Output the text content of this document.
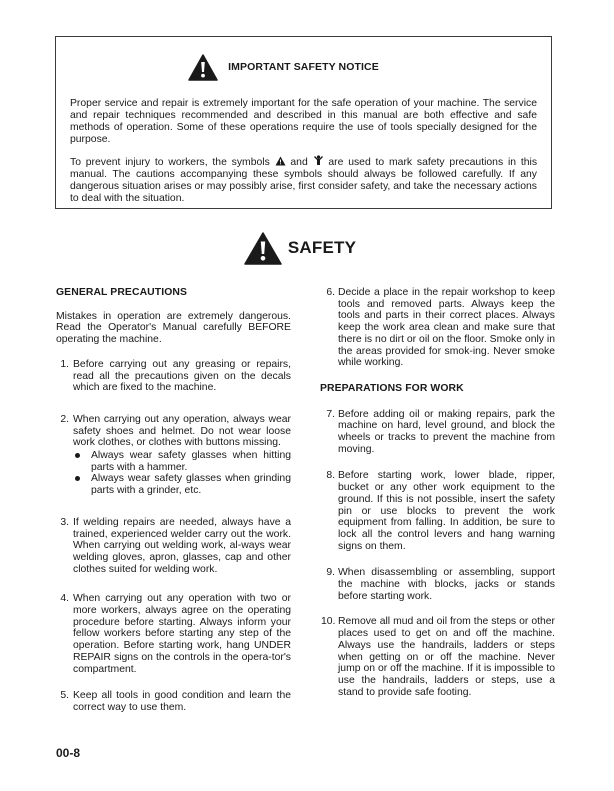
IMPORTANT SAFETY NOTICE

Proper service and repair is extremely important for the safe operation of your machine. The service and repair techniques recommended and described in this manual are both effective and safe methods of operation. Some of these operations require the use of tools specially designed for the purpose.

To prevent injury to workers, the symbols and are used to mark safety precautions in this manual. The cautions accompanying these symbols should always be followed carefully. If any dangerous situation arises or may possibly arise, first consider safety, and take the necessary actions to deal with the situation.

SAFETY
GENERAL PRECAUTIONS

Mistakes in operation are extremely dangerous. Read the Operator's Manual carefully BEFORE operating the machine.

1. Before carrying out any greasing or repairs, read all the precautions given on the decals which are fixed to the machine.
2. When carrying out any operation, always wear safety shoes and helmet. Do not wear loose work clothes, or clothes with buttons missing.
Always wear safety glasses when hitting parts with a hammer.
Always wear safety glasses when grinding parts with a grinder, etc.
3. If welding repairs are needed, always have a trained, experienced welder carry out the work. When carrying out welding work, al-ways wear welding gloves, apron, glasses, cap and other clothes suited for welding work.
4. When carrying out any operation with two or more workers, always agree on the operating procedure before starting. Always inform your fellow workers before starting any step of the operation. Before starting work, hang UNDER REPAIR signs on the controls in the opera-tor's compartment.
5. Keep all tools in good condition and learn the correct way to use them.
6. Decide a place in the repair workshop to keep tools and removed parts. Always keep the tools and parts in their correct places. Always keep the work area clean and make sure that there is no dirt or oil on the floor. Smoke only in the areas provided for smok-ing. Never smoke while working.
PREPARATIONS FOR WORK
7. Before adding oil or making repairs, park the machine on hard, level ground, and block the wheels or tracks to prevent the machine from moving.
8. Before starting work, lower blade, ripper, bucket or any other work equipment to the ground. If this is not possible, insert the safety pin or use blocks to prevent the work equipment from falling. In addition, be sure to lock all the control levers and hang warning signs on them.
9. When disassembling or assembling, support the machine with blocks, jacks or stands before starting work.
10. Remove all mud and oil from the steps or other places used to get on and off the machine. Always use the handrails, ladders or steps when getting on or off the machine. Never jump on or off the machine. If it is impossible to use the handrails, ladders or steps, use a stand to provide safe footing.
00-8
